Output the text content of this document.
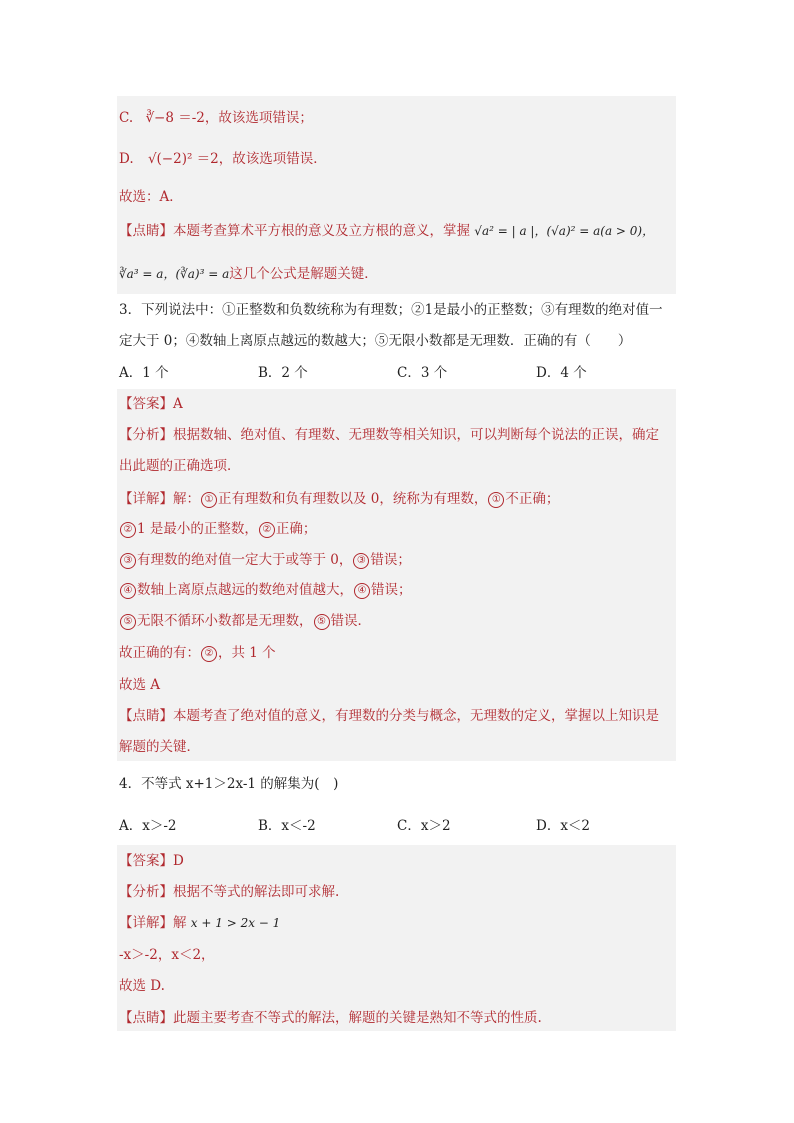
C. ∛−8 ＝-2，故该选项错误；
D. √(−2)² ＝2，故该选项错误．
故选：A．
【点睛】本题考查算术平方根的意义及立方根的意义，掌握 √a² = | a |，(√a)² = a(a > 0)，
∛a³ = a，(∛a)³ = a这几个公式是解题关键．
3．下列说法中：①正整数和负数统称为有理数；②1是最小的正整数；③有理数的绝对值一
定大于 0；④数轴上离原点越远的数越大；⑤无限小数都是无理数．正确的有（　　）
A．1 个	B．2 个	C．3 个	D．4 个
【答案】A
【分析】根据数轴、绝对值、有理数、无理数等相关知识，可以判断每个说法的正误，确定
出此题的正确选项．
【详解】解： ① 正有理数和负有理数以及 0，统称为有理数， ① 不正确；
② 1 是最小的正整数， ② 正确；
③ 有理数的绝对值一定大于或等于 0， ③ 错误；
④ 数轴上离原点越远的数绝对值越大， ④ 错误；
⑤ 无限不循环小数都是无理数， ⑤ 错误．
故正确的有： ② ，共 1 个
故选 A
【点睛】本题考查了绝对值的意义，有理数的分类与概念，无理数的定义，掌握以上知识是
解题的关键．
4．不等式 x+1＞2x-1 的解集为(　)
A．x＞-2	B．x＜-2	C．x＞2	D．x＜2
【答案】D
【分析】根据不等式的解法即可求解.
【详解】解 x + 1 > 2x − 1
-x＞-2，x＜2，
故选 D.
【点睛】此题主要考查不等式的解法，解题的关键是熟知不等式的性质.
